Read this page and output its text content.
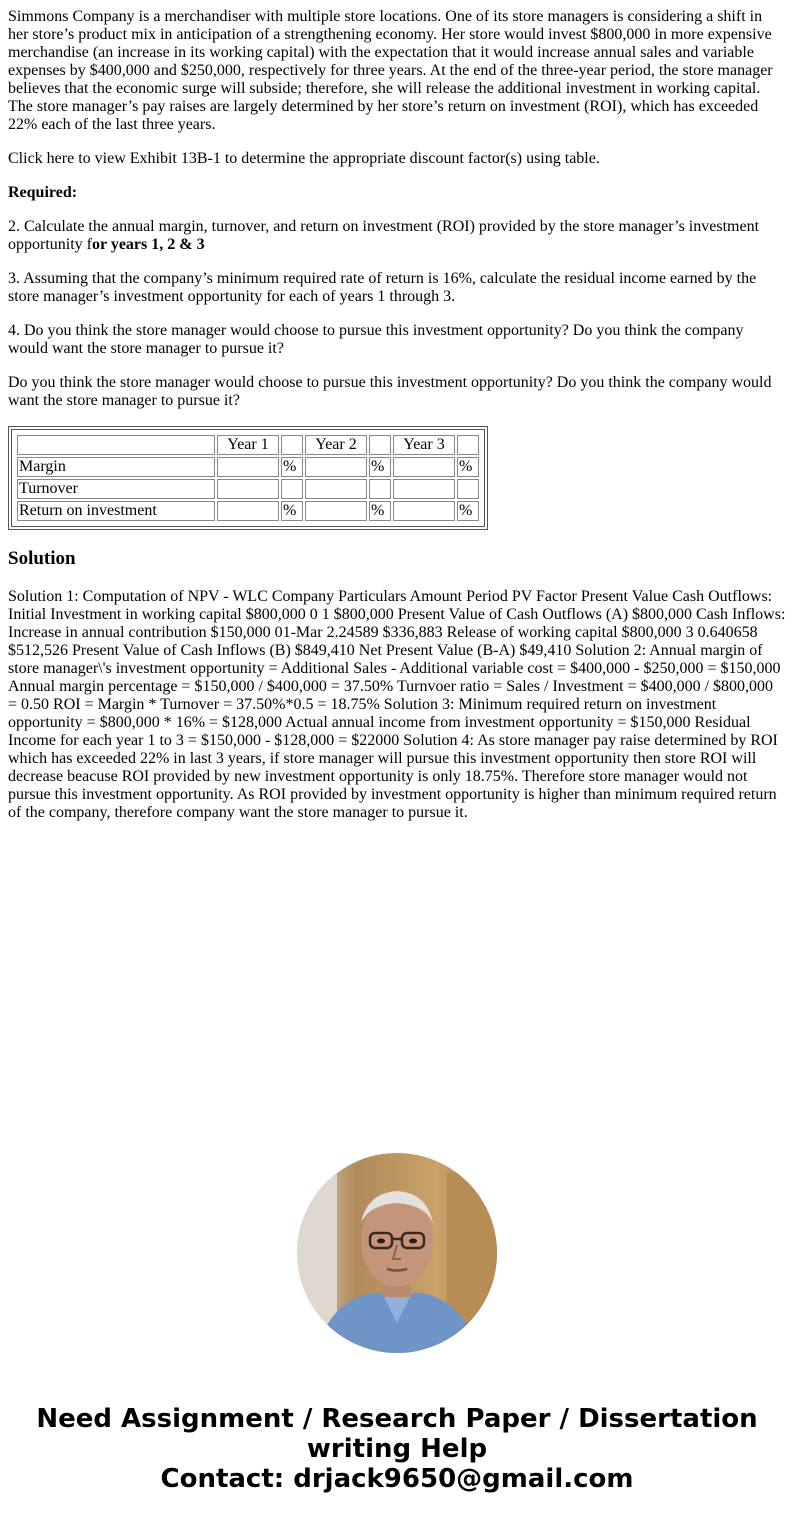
Simmons Company is a merchandiser with multiple store locations. One of its store managers is considering a shift in her store’s product mix in anticipation of a strengthening economy. Her store would invest $800,000 in more expensive merchandise (an increase in its working capital) with the expectation that it would increase annual sales and variable expenses by $400,000 and $250,000, respectively for three years. At the end of the three-year period, the store manager believes that the economic surge will subside; therefore, she will release the additional investment in working capital. The store manager’s pay raises are largely determined by her store’s return on investment (ROI), which has exceeded 22% each of the last three years.

Click here to view Exhibit 13B-1 to determine the appropriate discount factor(s) using table.

Required:

2. Calculate the annual margin, turnover, and return on investment (ROI) provided by the store manager’s investment opportunity for years 1, 2 & 3

3. Assuming that the company’s minimum required rate of return is 16%, calculate the residual income earned by the store manager’s investment opportunity for each of years 1 through 3.

4. Do you think the store manager would choose to pursue this investment opportunity? Do you think the company would want the store manager to pursue it?

Do you think the store manager would choose to pursue this investment opportunity? Do you think the company would want the store manager to pursue it?

	Year 1		Year 2		Year 3	
Margin		%		%		%
Turnover						
Return on investment		%		%		%
Solution

Solution 1: Computation of NPV - WLC Company Particulars Amount Period PV Factor Present Value Cash Outflows: Initial Investment in working capital $800,000 0 1 $800,000 Present Value of Cash Outflows (A) $800,000 Cash Inflows: Increase in annual contribution $150,000 01-Mar 2.24589 $336,883 Release of working capital $800,000 3 0.640658 $512,526 Present Value of Cash Inflows (B) $849,410 Net Present Value (B-A) $49,410 Solution 2: Annual margin of store manager\'s investment opportunity = Additional Sales - Additional variable cost = $400,000 - $250,000 = $150,000 Annual margin percentage = $150,000 / $400,000 = 37.50% Turnvoer ratio = Sales / Investment = $400,000 / $800,000 = 0.50 ROI = Margin * Turnover = 37.50%*0.5 = 18.75% Solution 3: Minimum required return on investment opportunity = $800,000 * 16% = $128,000 Actual annual income from investment opportunity = $150,000 Residual Income for each year 1 to 3 = $150,000 - $128,000 = $22000 Solution 4: As store manager pay raise determined by ROI which has exceeded 22% in last 3 years, if store manager will pursue this investment opportunity then store ROI will decrease beacuse ROI provided by new investment opportunity is only 18.75%. Therefore store manager would not pursue this investment opportunity. As ROI provided by investment opportunity is higher than minimum required return of the company, therefore company want the store manager to pursue it.

Need Assignment / Research Paper / Dissertation
writing Help
Contact: drjack9650@gmail.com
